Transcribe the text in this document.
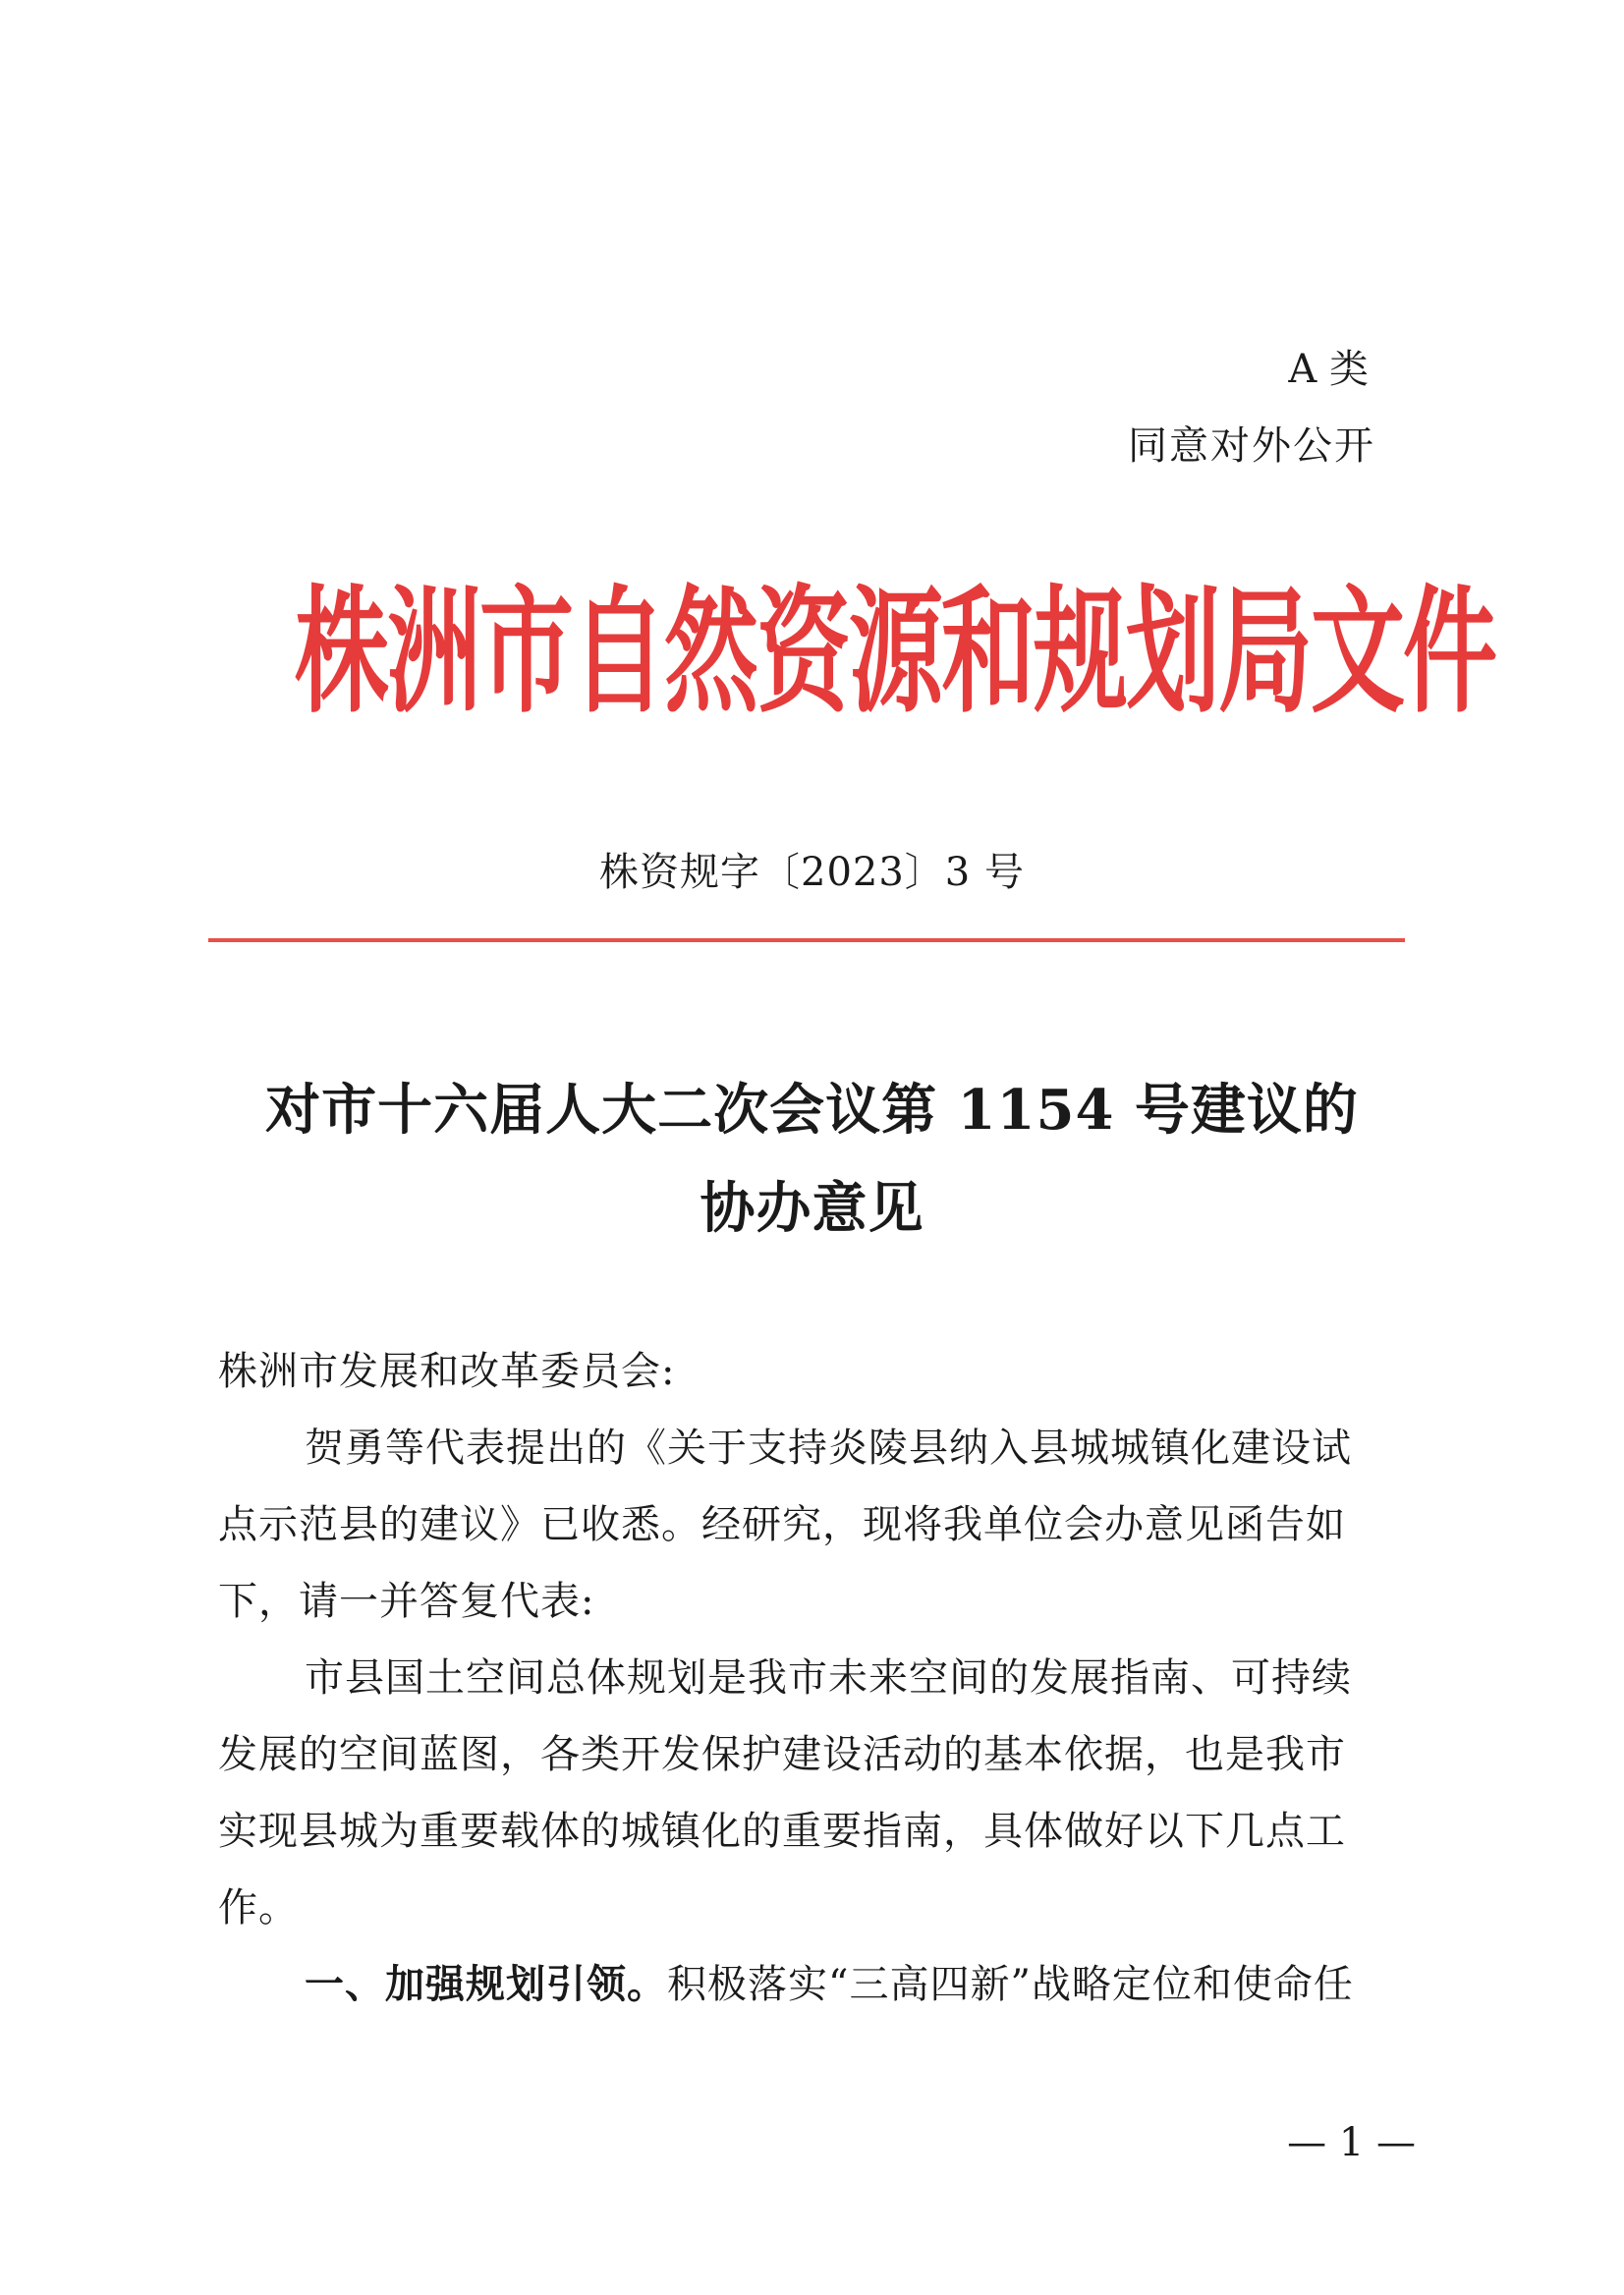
A 类
同意对外公开
株洲市自然资源和规划局文件
株资规字〔2023〕3 号
对市十六届人大二次会议第 1154 号建议的
协办意见
株洲市发展和改革委员会:
贺勇等代表提出的《关于支持炎陵县纳入县城城镇化建设试
点示范县的建议》已收悉。经研究，现将我单位会办意见函告如
下，请一并答复代表:
市县国土空间总体规划是我市未来空间的发展指南、可持续
发展的空间蓝图，各类开发保护建设活动的基本依据，也是我市
实现县城为重要载体的城镇化的重要指南，具体做好以下几点工
作。
一、加强规划引领。积极落实“三高四新”战略定位和使命任
— 1 —
